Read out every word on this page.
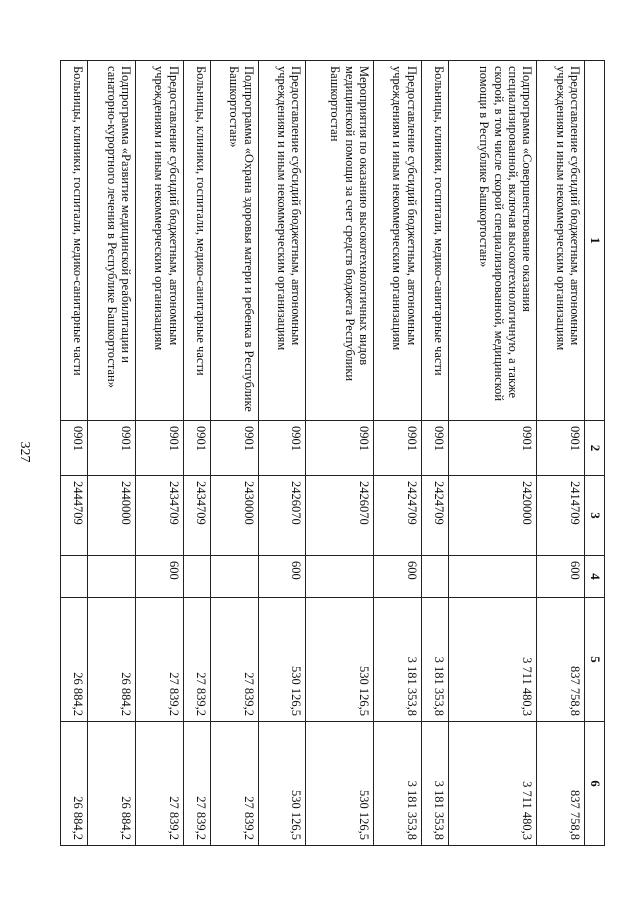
327
1	2	3	4	5	6
Предоставление субсидий бюджетным, автономным учреждениям и иным некоммерческим организациям	0901	2414709	600	837 758,8	837 758,8
Подпрограмма «Совершенствование оказания специализированной, включая высокотехнологичную, а также скорой, в том числе скорой специализированной, медицинской помощи в Республике Башкортостан»	0901	2420000		3 711 480,3	3 711 480,3
Больницы, клиники, госпитали, медико-санитарные части	0901	2424709		3 181 353,8	3 181 353,8
Предоставление субсидий бюджетным, автономным учреждениям и иным некоммерческим организациям	0901	2424709	600	3 181 353,8	3 181 353,8
Мероприятия по оказанию высокотехнологичных видов медицинской помощи за счет средств бюджета Республики Башкортостан	0901	2426070		530 126,5	530 126,5
Предоставление субсидий бюджетным, автономным учреждениям и иным некоммерческим организациям	0901	2426070	600	530 126,5	530 126,5
Подпрограмма «Охрана здоровья матери и ребенка в Республике Башкортостан»	0901	2430000		27 839,2	27 839,2
Больницы, клиники, госпитали, медико-санитарные части	0901	2434709		27 839,2	27 839,2
Предоставление субсидий бюджетным, автономным учреждениям и иным некоммерческим организациям	0901	2434709	600	27 839,2	27 839,2
Подпрограмма «Развитие медицинской реабилитации и санаторно-курортного лечения в Республике Башкортостан»	0901	2440000		26 884,2	26 884,2
Больницы, клиники, госпитали, медико-санитарные части	0901	2444709		26 884,2	26 884,2
